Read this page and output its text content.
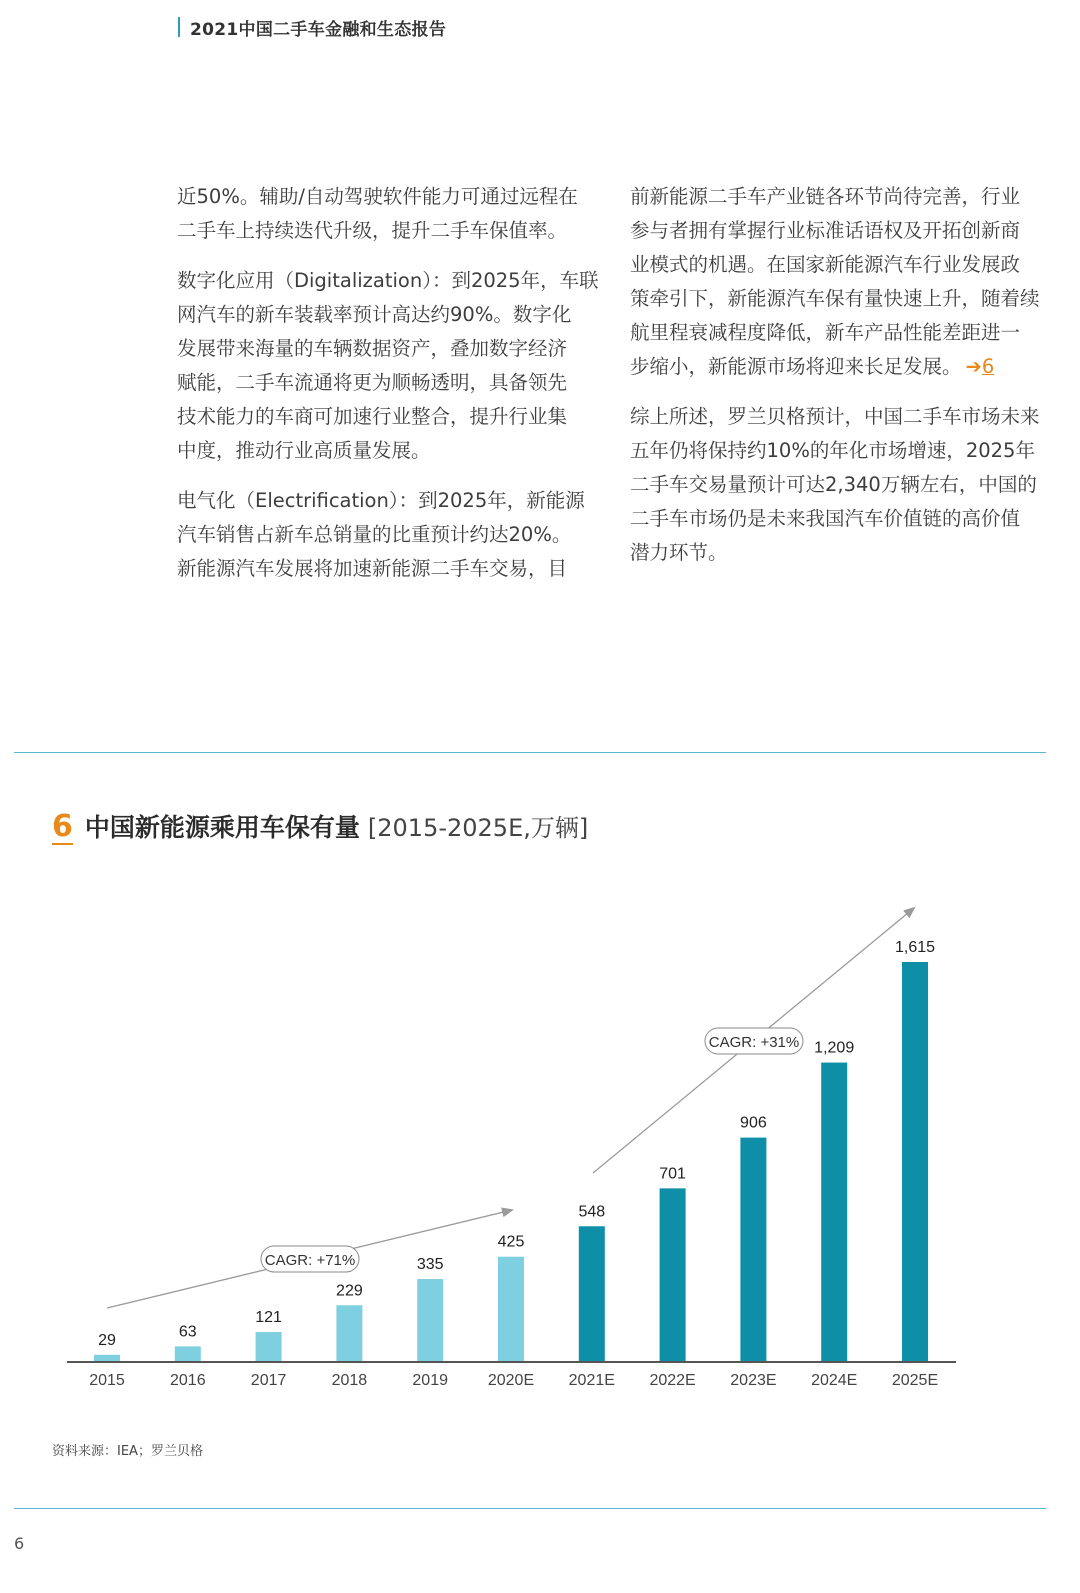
2021中国二手车金融和生态报告
近50%。辅助/自动驾驶软件能力可通过远程在
二手车上持续迭代升级，提升二手车保值率。
数字化应用（Digitalization）：到2025年，车联
网汽车的新车装载率预计高达约90%。数字化
发展带来海量的车辆数据资产，叠加数字经济
赋能，二手车流通将更为顺畅透明，具备领先
技术能力的车商可加速行业整合，提升行业集
中度，推动行业高质量发展。
电气化（Electrification）：到2025年，新能源
汽车销售占新车总销量的比重预计约达20%。
新能源汽车发展将加速新能源二手车交易，目
前新能源二手车产业链各环节尚待完善，行业
参与者拥有掌握行业标准话语权及开拓创新商
业模式的机遇。在国家新能源汽车行业发展政
策牵引下，新能源汽车保有量快速上升，随着续
航里程衰减程度降低，新车产品性能差距进一
步缩小，新能源市场将迎来长足发展。 ➔6
综上所述，罗兰贝格预计，中国二手车市场未来
五年仍将保持约10%的年化市场增速，2025年
二手车交易量预计可达2,340万辆左右，中国的
二手车市场仍是未来我国汽车价值链的高价值
潜力环节。
6 中国新能源乘用车保有量 [2015-2025E,万辆]
29
2015
63
2016
121
2017
229
2018
335
2019
425
2020E
548
2021E
701
2022E
906
2023E
1,209
2024E
1,615
2025E
CAGR: +71%
CAGR: +31%
资料来源：IEA；罗兰贝格
6
